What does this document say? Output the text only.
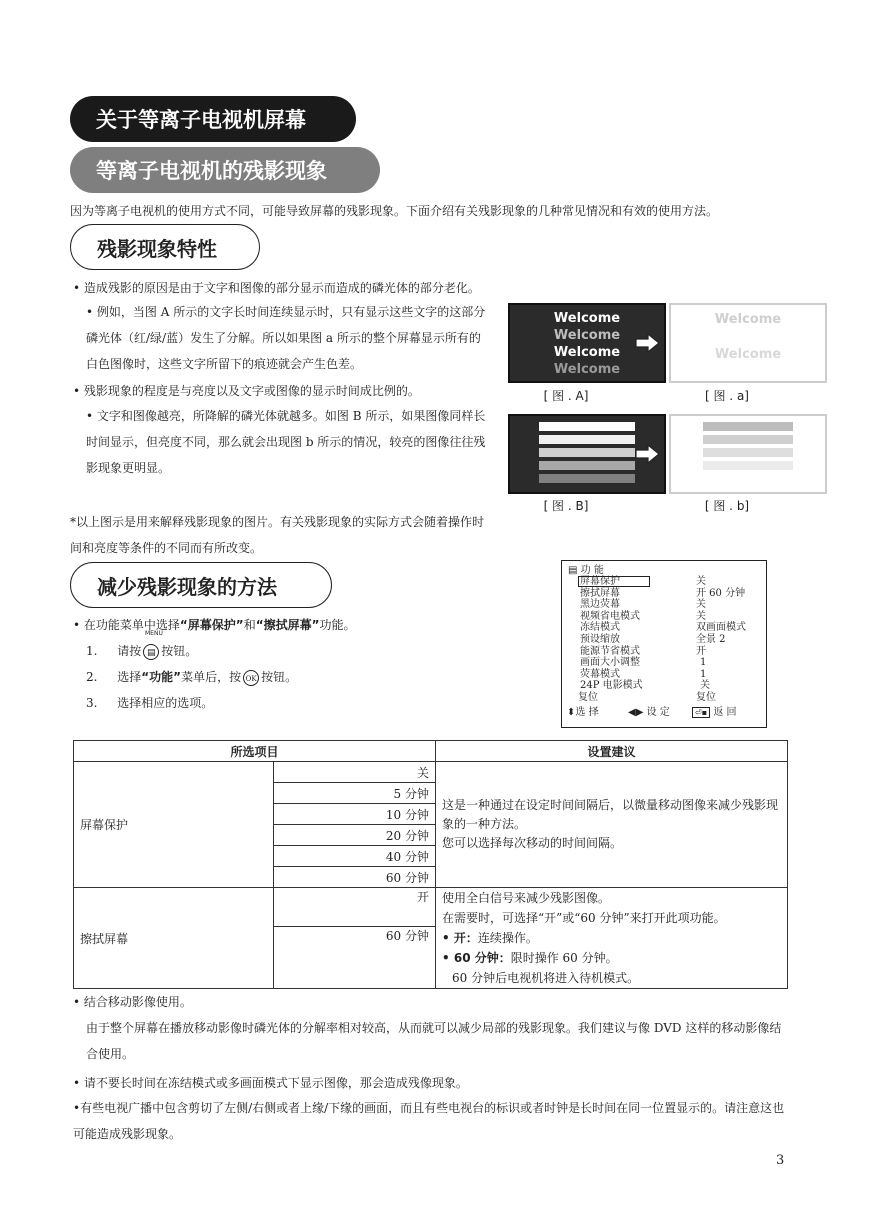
关于等离子电视机屏幕
等离子电视机的残影现象
因为等离子电视机的使用方式不同，可能导致屏幕的残影现象。下面介绍有关残影现象的几种常见情况和有效的使用方法。
残影现象特性
• 造成残影的原因是由于文字和图像的部分显示而造成的磷光体的部分老化。
• 例如，当图 A 所示的文字长时间连续显示时，只有显示这些文字的这部分磷光体（红/绿/蓝）发生了分解。所以如果图 a 所示的整个屏幕显示所有的白色图像时，这些文字所留下的痕迹就会产生色差。
• 残影现象的程度是与亮度以及文字或图像的显示时间成比例的。
• 文字和图像越亮，所降解的磷光体就越多。如图 B 所示，如果图像同样长时间显示，但亮度不同，那么就会出现图 b 所示的情况，较亮的图像往往残影现象更明显。
*以上图示是用来解释残影现象的图片。有关残影现象的实际方式会随着操作时间和亮度等条件的不同而有所改变。
Welcome
Welcome
Welcome
Welcome
Welcome
Welcome
[ 图 . A]	[ 图 . a]
[ 图 . B]	[ 图 . b]
减少残影现象的方法
• 在功能菜单中选择“屏幕保护”和“擦拭屏幕”功能。
MENU
1. 请按 ▤ 按钮。
2. 选择“功能”菜单后，按 OK 按钮。
3. 选择相应的选项。
▤ 功 能
屏幕保护	关
擦拭屏幕	开 60 分钟
黑边荧幕	关
视频省电模式	关
冻结模式	双画面模式
预设缩放	全景 2
能源节省模式	开
画面大小调整	1
荧幕模式	1
24P 电影模式	关
复位	复位
⬍选 择	◀▶ 设 定	⏎▪ 返 回
所选项目		设置建议
屏幕保护	关	这是一种通过在设定时间间隔后，以微量移动图像来减少残影现象的一种方法。
您可以选择每次移动的时间间隔。

	5 分钟	
	10 分钟	
	20 分钟	
	40 分钟	
	60 分钟	
擦拭屏幕	开	使用全白信号来减少残影图像。
在需要时，可选择“开”或“60 分钟”来打开此项功能。
• 开：连续操作。
• 60 分钟：限时操作 60 分钟。
60 分钟后电视机将进入待机模式。

	60 分钟	
• 结合移动影像使用。
由于整个屏幕在播放移动影像时磷光体的分解率相对较高，从而就可以减少局部的残影现象。我们建议与像 DVD 这样的移动影像结合使用。
• 请不要长时间在冻结模式或多画面模式下显示图像，那会造成残像现象。
•有些电视广播中包含剪切了左侧/右侧或者上缘/下缘的画面，而且有些电视台的标识或者时钟是长时间在同一位置显示的。请注意这也可能造成残影现象。
3
